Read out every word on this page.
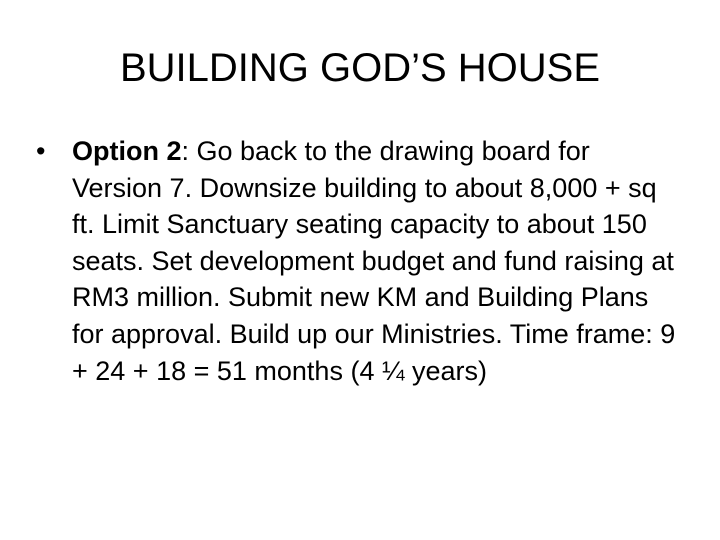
BUILDING GOD’S HOUSE
• Option 2: Go back to the drawing board for Version 7. Downsize building to about 8,000 + sq ft. Limit Sanctuary seating capacity to about 150 seats. Set development budget and fund raising at RM3 million. Submit new KM and Building Plans for approval. Build up our Ministries. Time frame: 9 + 24 + 18 = 51 months (4 ¼ years)
